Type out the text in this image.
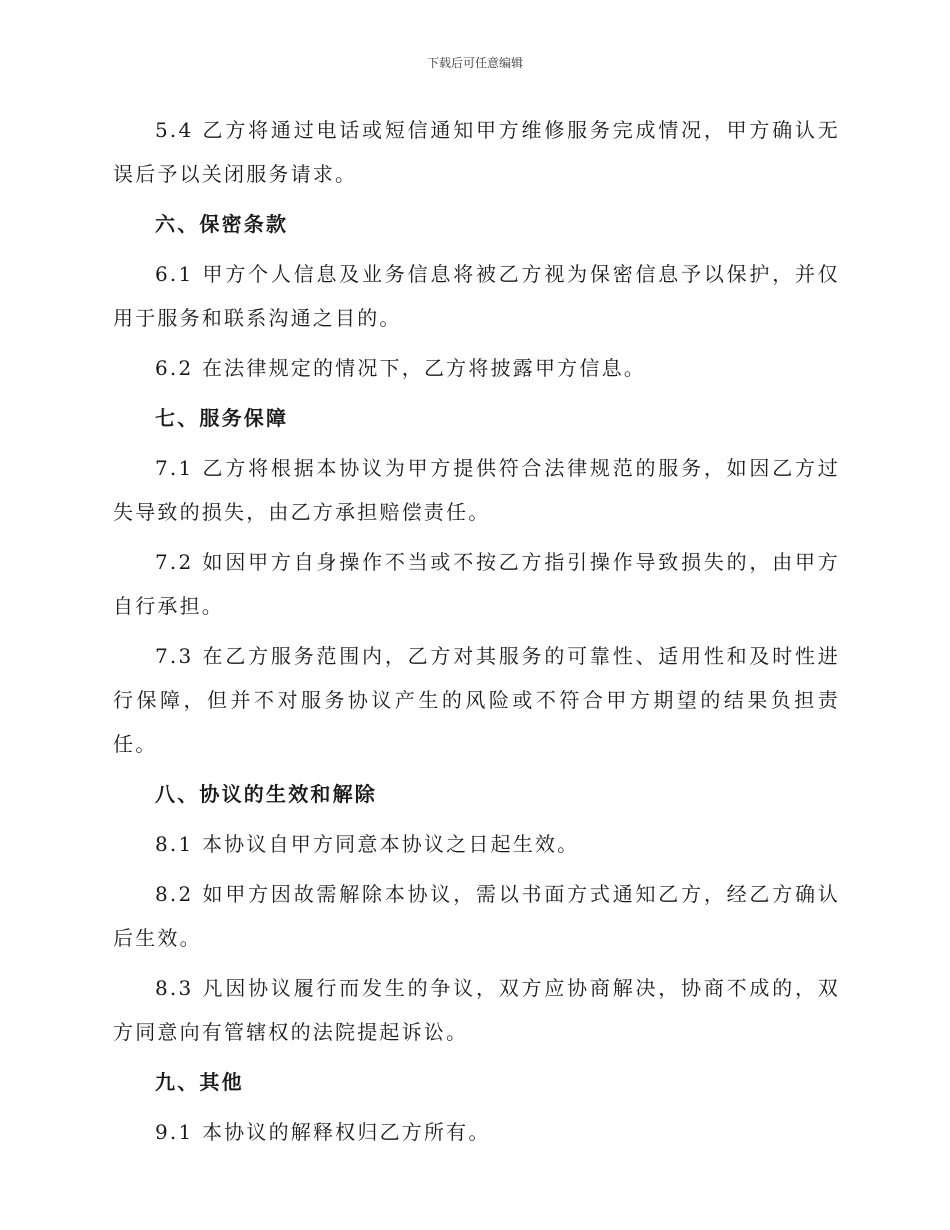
下载后可任意编辑

5.4 乙方将通过电话或短信通知甲方维修服务完成情况，甲方确认无误后予以关闭服务请求。

六、保密条款

6.1 甲方个人信息及业务信息将被乙方视为保密信息予以保护，并仅用于服务和联系沟通之目的。

6.2 在法律规定的情况下，乙方将披露甲方信息。

七、服务保障

7.1 乙方将根据本协议为甲方提供符合法律规范的服务，如因乙方过失导致的损失，由乙方承担赔偿责任。

7.2 如因甲方自身操作不当或不按乙方指引操作导致损失的，由甲方自行承担。

7.3 在乙方服务范围内，乙方对其服务的可靠性、适用性和及时性进行保障，但并不对服务协议产生的风险或不符合甲方期望的结果负担责任。

八、协议的生效和解除

8.1 本协议自甲方同意本协议之日起生效。

8.2 如甲方因故需解除本协议，需以书面方式通知乙方，经乙方确认后生效。

8.3 凡因协议履行而发生的争议，双方应协商解决，协商不成的，双方同意向有管辖权的法院提起诉讼。

九、其他

9.1 本协议的解释权归乙方所有。
